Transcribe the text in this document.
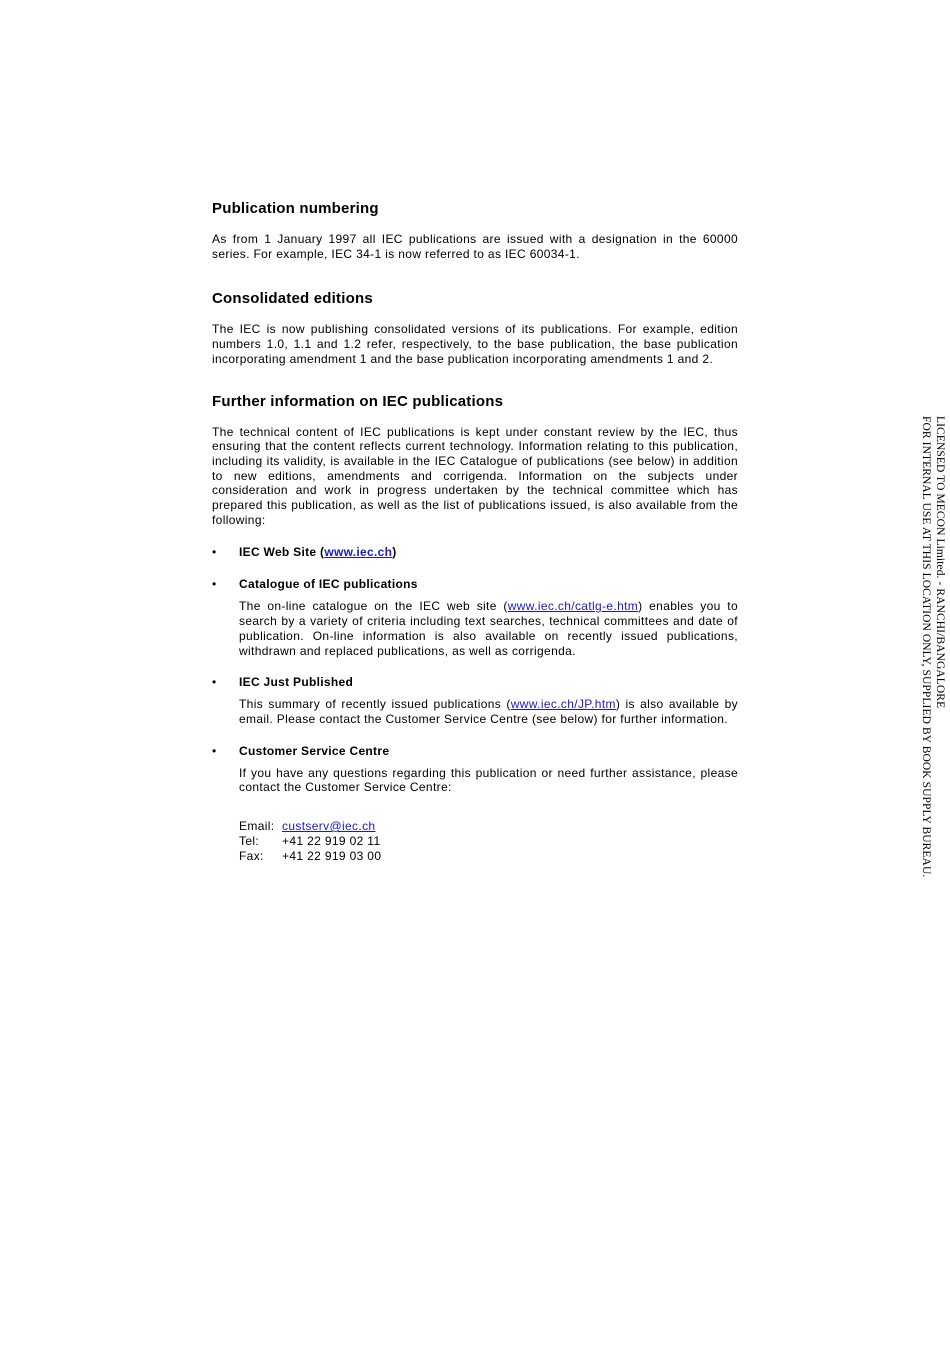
Publication numbering

As from 1 January 1997 all IEC publications are issued with a designation in the 60000 series. For example, IEC 34-1 is now referred to as IEC 60034-1.

Consolidated editions

The IEC is now publishing consolidated versions of its publications. For example, edition numbers 1.0, 1.1 and 1.2 refer, respectively, to the base publication, the base publication incorporating amendment 1 and the base publication incorporating amendments 1 and 2.

Further information on IEC publications

The technical content of IEC publications is kept under constant review by the IEC, thus ensuring that the content reflects current technology. Information relating to this publication, including its validity, is available in the IEC Catalogue of publications (see below) in addition to new editions, amendments and corrigenda. Information on the subjects under consideration and work in progress undertaken by the technical committee which has prepared this publication, as well as the list of publications issued, is also available from the following:

• IEC Web Site (www.iec.ch)
• Catalogue of IEC publications

The on-line catalogue on the IEC web site (www.iec.ch/catlg-e.htm) enables you to search by a variety of criteria including text searches, technical committees and date of publication. On-line information is also available on recently issued publications, withdrawn and replaced publications, as well as corrigenda.

• IEC Just Published

This summary of recently issued publications (www.iec.ch/JP.htm) is also available by email. Please contact the Customer Service Centre (see below) for further information.

• Customer Service Centre

If you have any questions regarding this publication or need further assistance, please contact the Customer Service Centre:

Email: custserv@iec.ch
Tel: +41 22 919 02 11
Fax: +41 22 919 03 00
LICENSED TO MECON Limited. - RANCHI/BANGALORE
FOR INTERNAL USE AT THIS LOCATION ONLY, SUPPLIED BY BOOK SUPPLY BUREAU.
